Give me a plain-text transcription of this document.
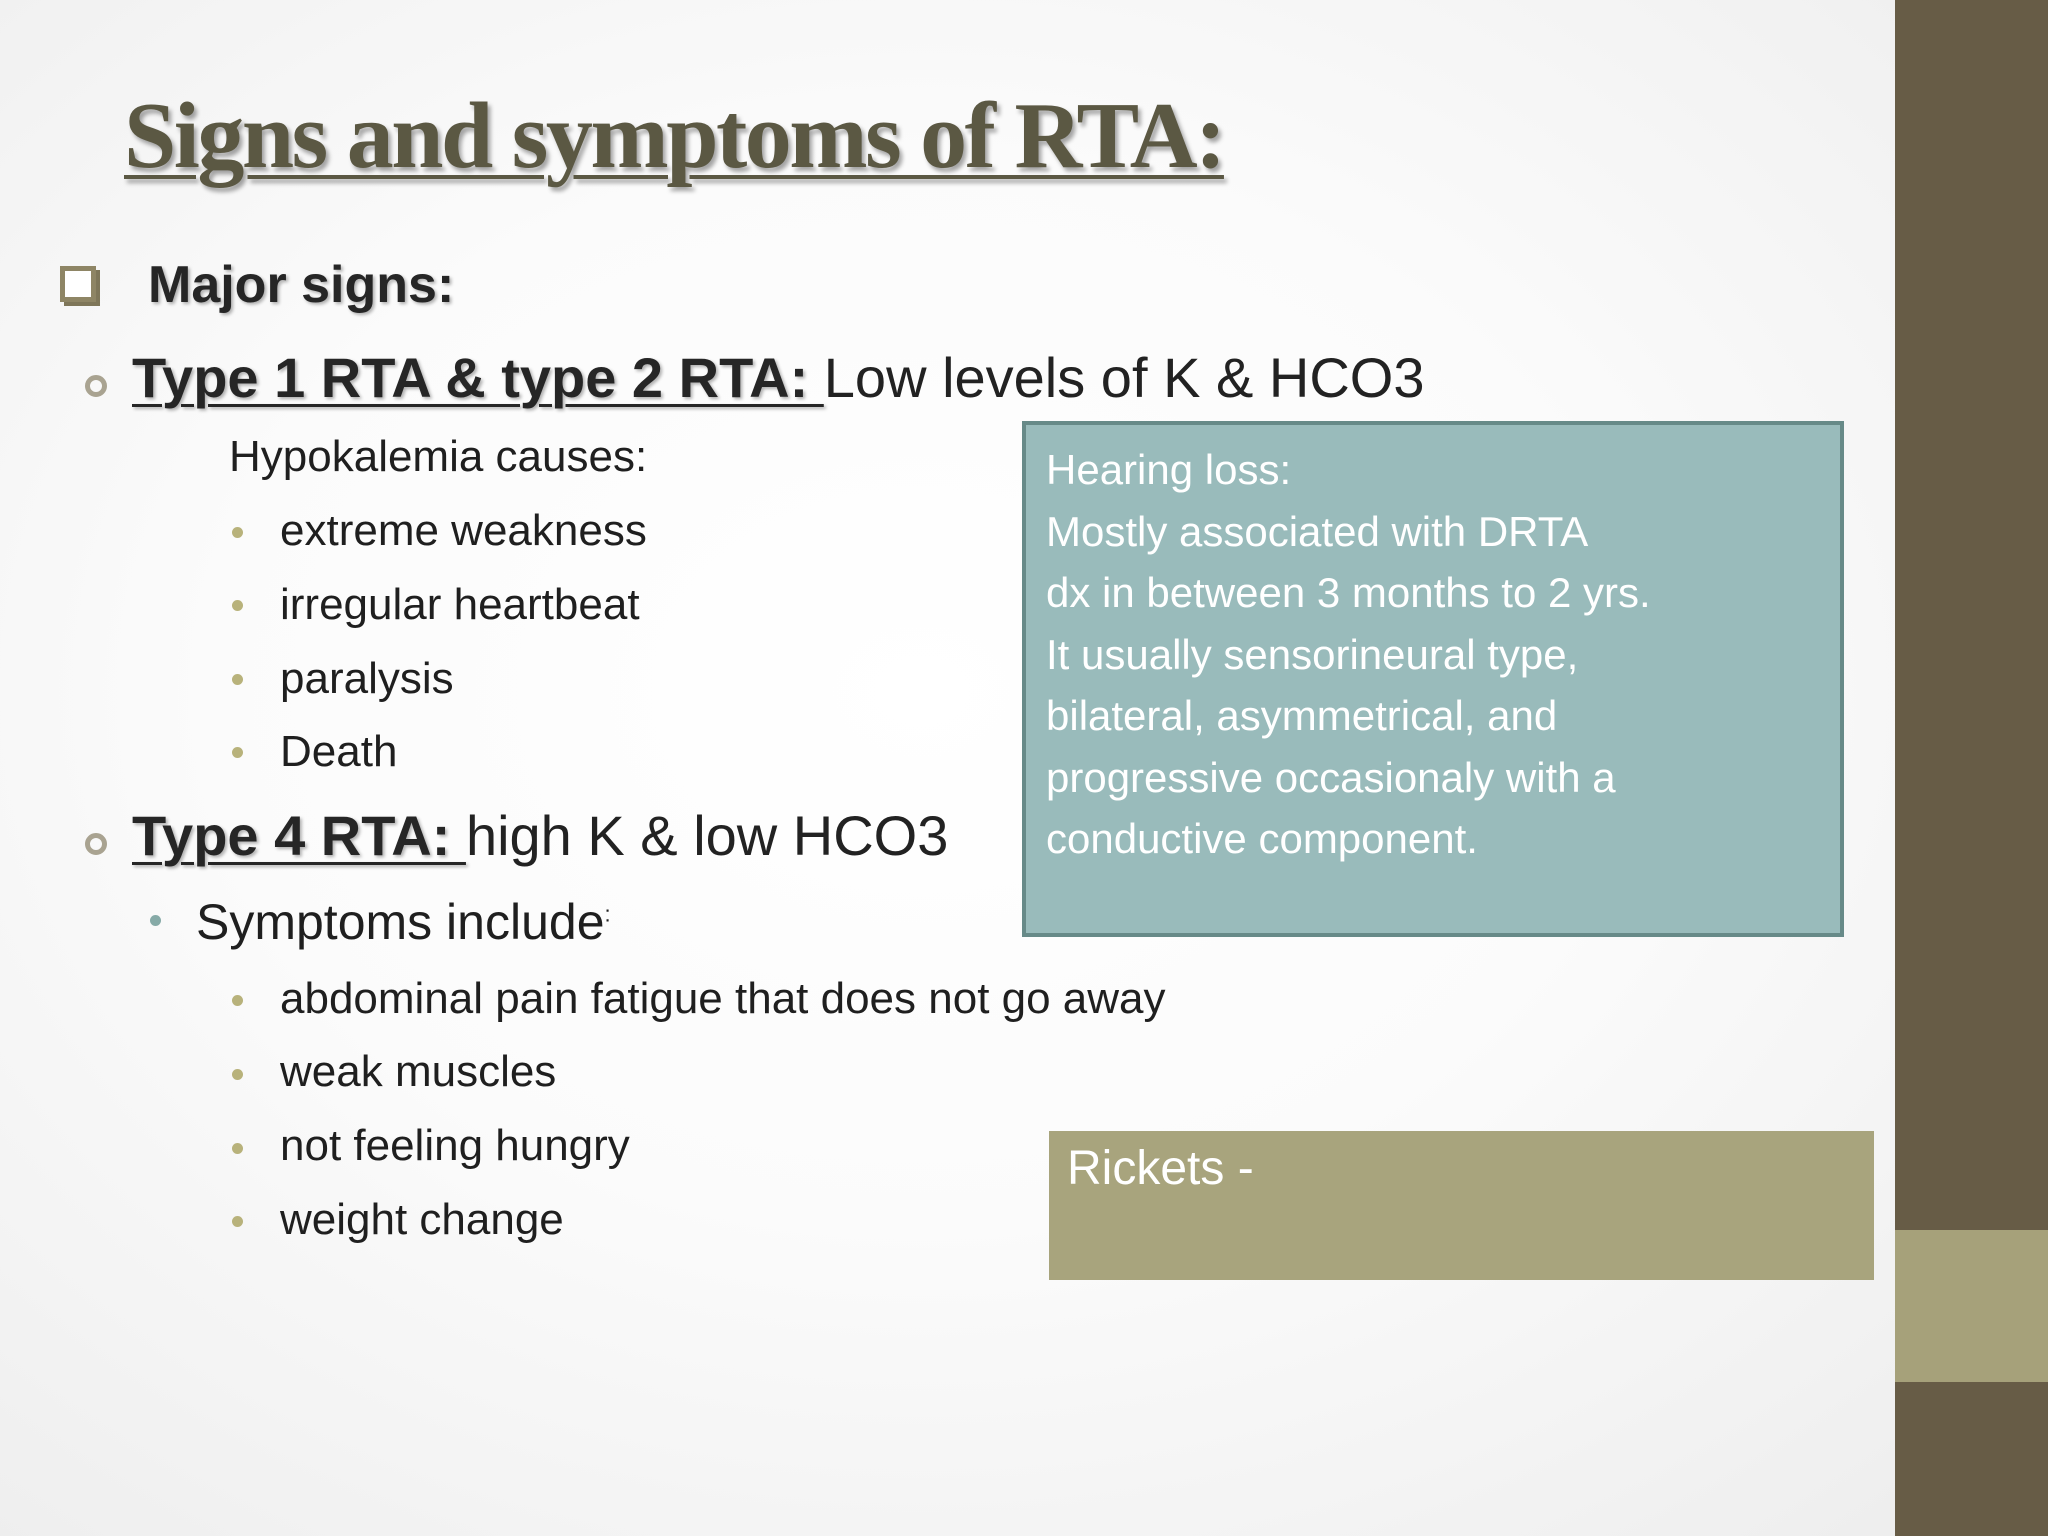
Signs and symptoms of RTA:
Major signs:
Type 1 RTA & type 2 RTA: Low levels of K & HCO3
Hypokalemia causes:
extreme weakness
irregular heartbeat
paralysis
Death
Type 4 RTA: high K & low HCO3
Symptoms include:
abdominal pain fatigue that does not go away
weak muscles
not feeling hungry
weight change
Hearing loss:
Mostly associated with DRTA
dx in between 3 months to 2 yrs.
It usually sensorineural type,
bilateral, asymmetrical, and
progressive occasionaly with a
conductive component.
Rickets -
